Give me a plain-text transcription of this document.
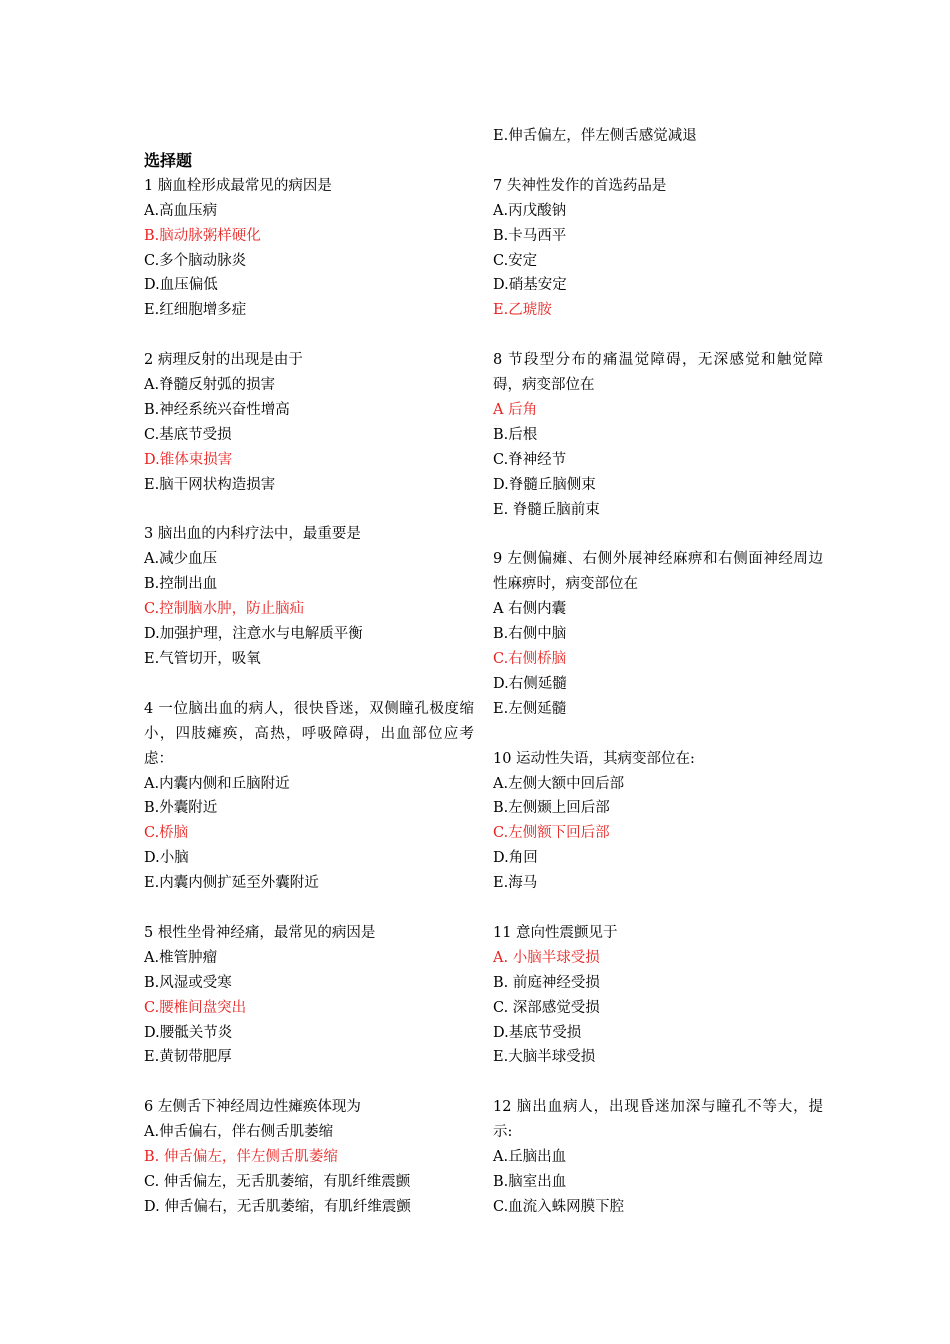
选择题
1 脑血栓形成最常见的病因是
A.高血压病
B.脑动脉粥样硬化
C.多个脑动脉炎
D.血压偏低
E.红细胞增多症
2 病理反射的出现是由于
A.脊髓反射弧的损害
B.神经系统兴奋性增高
C.基底节受损
D.锥体束损害
E.脑干网状构造损害
3 脑出血的内科疗法中，最重要是
A.减少血压
B.控制出血
C.控制脑水肿，防止脑疝
D.加强护理，注意水与电解质平衡
E.气管切开，吸氧
4 一位脑出血的病人，很快昏迷，双侧瞳孔极度缩小，四肢瘫痪，高热，呼吸障碍，出血部位应考虑：
A.内囊内侧和丘脑附近
B.外囊附近
C.桥脑
D.小脑
E.内囊内侧扩延至外囊附近
5 根性坐骨神经痛，最常见的病因是
A.椎管肿瘤
B.风湿或受寒
C.腰椎间盘突出
D.腰骶关节炎
E.黄韧带肥厚
6 左侧舌下神经周边性瘫痪体现为
A.伸舌偏右，伴右侧舌肌萎缩
B. 伸舌偏左，伴左侧舌肌萎缩
C. 伸舌偏左，无舌肌萎缩，有肌纤维震颤
D. 伸舌偏右，无舌肌萎缩，有肌纤维震颤
E.伸舌偏左，伴左侧舌感觉减退
7 失神性发作的首选药品是
A.丙戊酸钠
B.卡马西平
C.安定
D.硝基安定
E.乙琥胺
8 节段型分布的痛温觉障碍，无深感觉和触觉障碍，病变部位在
A 后角
B.后根
C.脊神经节
D.脊髓丘脑侧束
E. 脊髓丘脑前束
9 左侧偏瘫、右侧外展神经麻痹和右侧面神经周边性麻痹时，病变部位在
A 右侧内囊
B.右侧中脑
C.右侧桥脑
D.右侧延髓
E.左侧延髓
10 运动性失语，其病变部位在:
A.左侧大额中回后部
B.左侧颞上回后部
C.左侧额下回后部
D.角回
E.海马
11 意向性震颤见于
A. 小脑半球受损
B. 前庭神经受损
C. 深部感觉受损
D.基底节受损
E.大脑半球受损
12 脑出血病人，出现昏迷加深与瞳孔不等大，提示:
A.丘脑出血
B.脑室出血
C.血流入蛛网膜下腔
